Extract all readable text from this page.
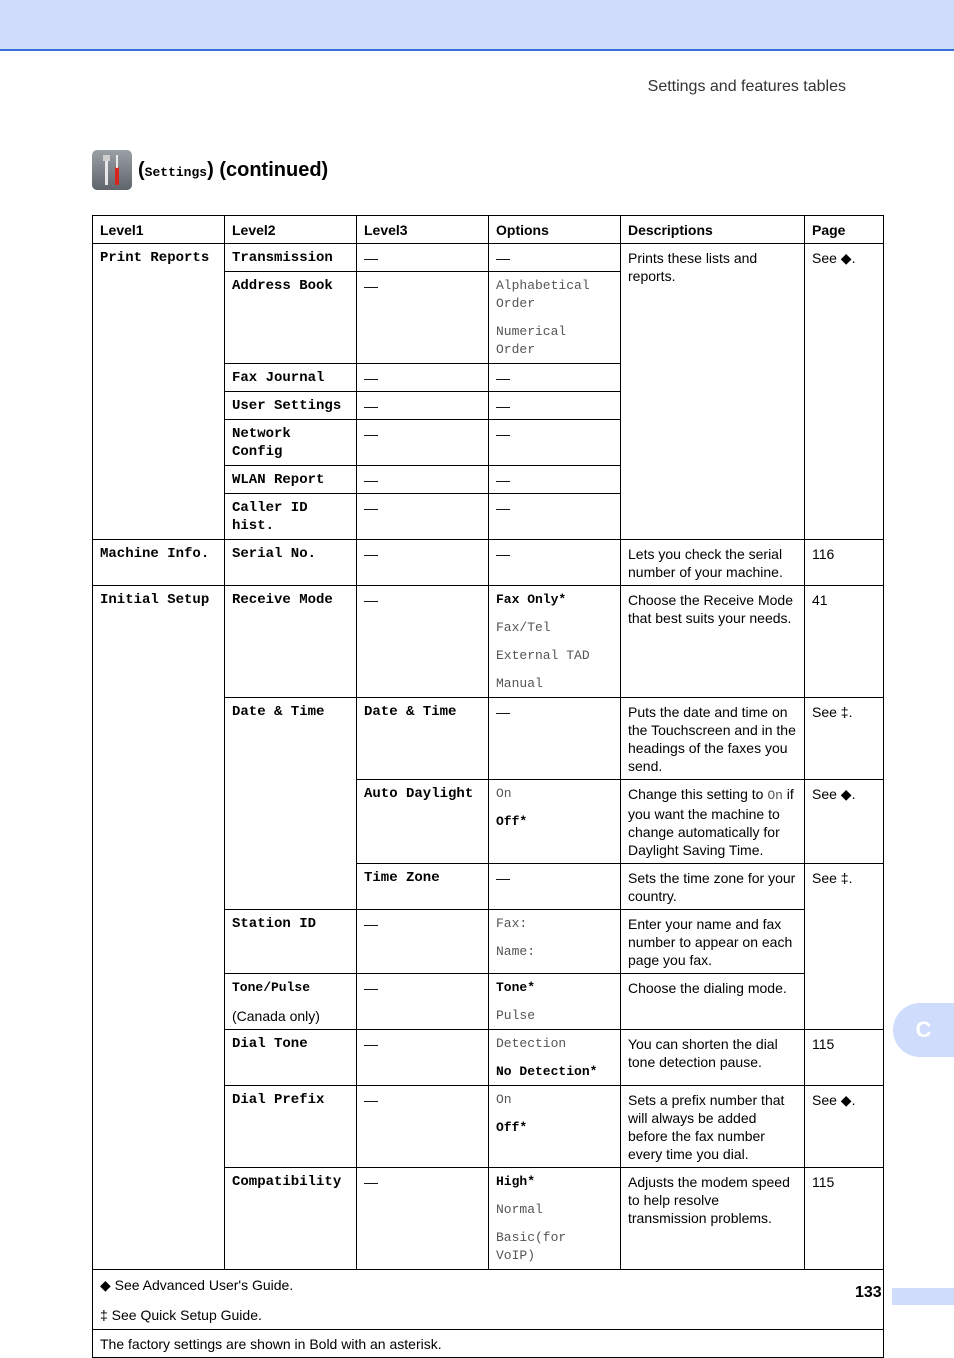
Settings and features tables
(Settings) (continued)
Level1	Level2	Level3	Options	Descriptions	Page
Print Reports	Transmission	—	—	Prints these lists and reports.	See ◆.
	Address Book	—	Alphabetical Order
Numerical Order		

	Fax Journal	—	—		
	User Settings	—	—		
	Network Config	—	—		
	WLAN Report	—	—		
	Caller ID hist.	—	—		
Machine Info.	Serial No.	—	—	Lets you check the serial number of your machine.	116
Initial Setup	Receive Mode	—	Fax Only*
Fax/Tel
External TAD
Manual	Choose the Receive Mode that best suits your needs.	41
	Date & Time	Date & Time	—	Puts the date and time on the Touchscreen and in the headings of the faxes you send.	See ‡.
		Auto Daylight	On
Off*	Change this setting to On if you want the machine to change automatically for Daylight Saving Time.	See ◆.
		Time Zone	—	Sets the time zone for your country.	See ‡.
	Station ID	—	Fax:
Name:	Enter your name and fax number to appear on each page you fax.	

	Tone/Pulse
(Canada only)	—	Tone*
Pulse	Choose the dialing mode.	
	Dial Tone	—	Detection
No Detection*	You can shorten the dial tone detection pause.	115
	Dial Prefix	—	On
Off*	Sets a prefix number that will always be added before the fax number every time you dial.	See ◆.
	Compatibility	—	High*
Normal
Basic(for VoIP)	Adjusts the modem speed to help resolve transmission problems.	115

◆ See Advanced User's Guide.
‡ See Quick Setup Guide.					

The factory settings are shown in Bold with an asterisk.					
C
133
